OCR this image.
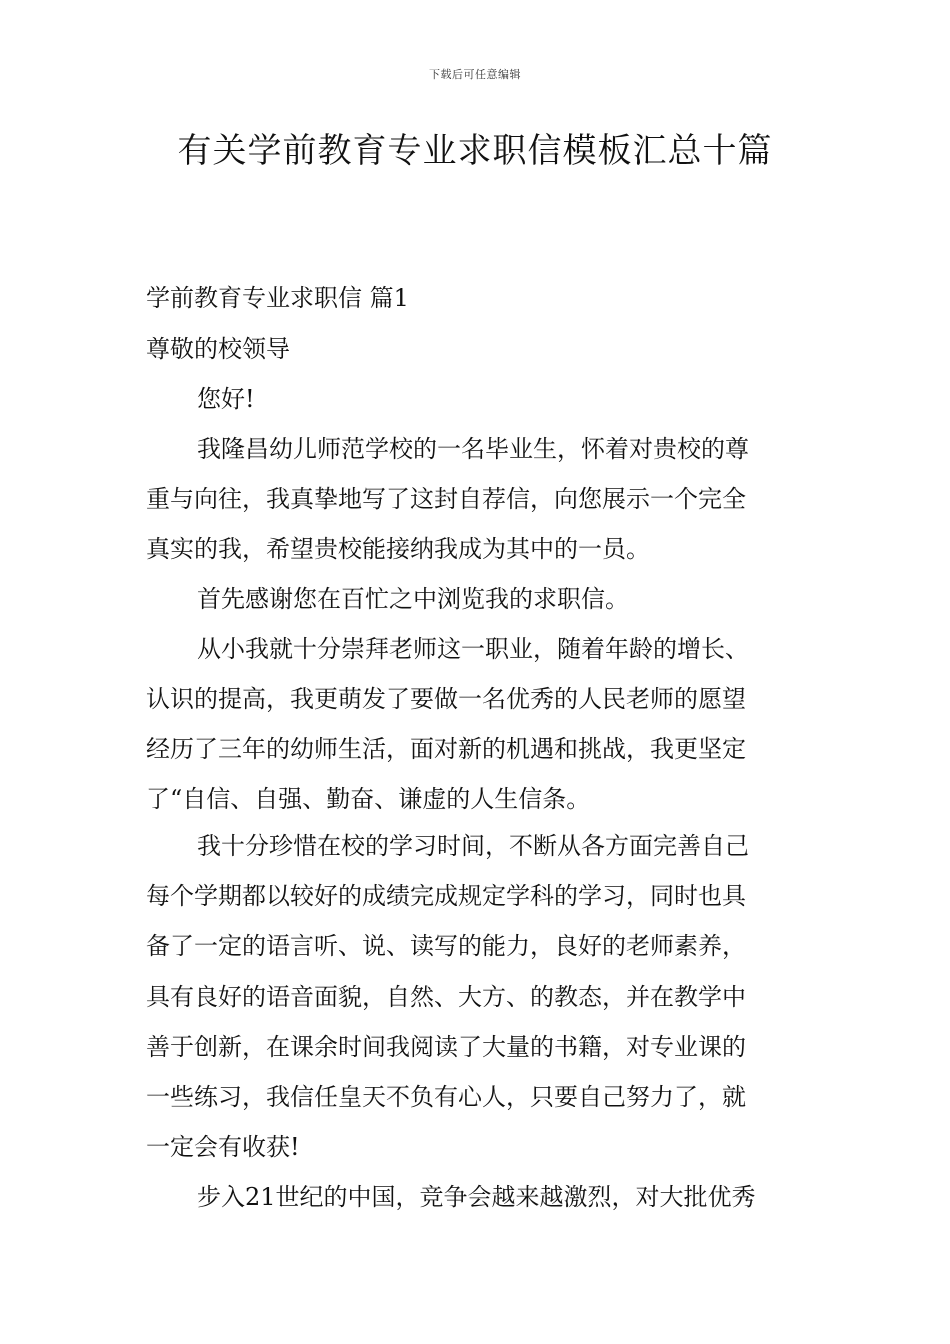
下载后可任意编辑
有关学前教育专业求职信模板汇总十篇
学前教育专业求职信 篇1
尊敬的校领导
您好!
我隆昌幼儿师范学校的一名毕业生，怀着对贵校的尊
重与向往，我真挚地写了这封自荐信，向您展示一个完全
真实的我，希望贵校能接纳我成为其中的一员。
首先感谢您在百忙之中浏览我的求职信。
从小我就十分崇拜老师这一职业，随着年龄的增长、
认识的提高，我更萌发了要做一名优秀的人民老师的愿望
经历了三年的幼师生活，面对新的机遇和挑战，我更坚定
了“自信、自强、勤奋、谦虚的人生信条。
我十分珍惜在校的学习时间，不断从各方面完善自己
每个学期都以较好的成绩完成规定学科的学习，同时也具
备了一定的语言听、说、读写的能力，良好的老师素养，
具有良好的语音面貌，自然、大方、的教态，并在教学中
善于创新，在课余时间我阅读了大量的书籍，对专业课的
一些练习，我信任皇天不负有心人，只要自己努力了，就
一定会有收获!
步入21世纪的中国，竞争会越来越激烈，对大批优秀
